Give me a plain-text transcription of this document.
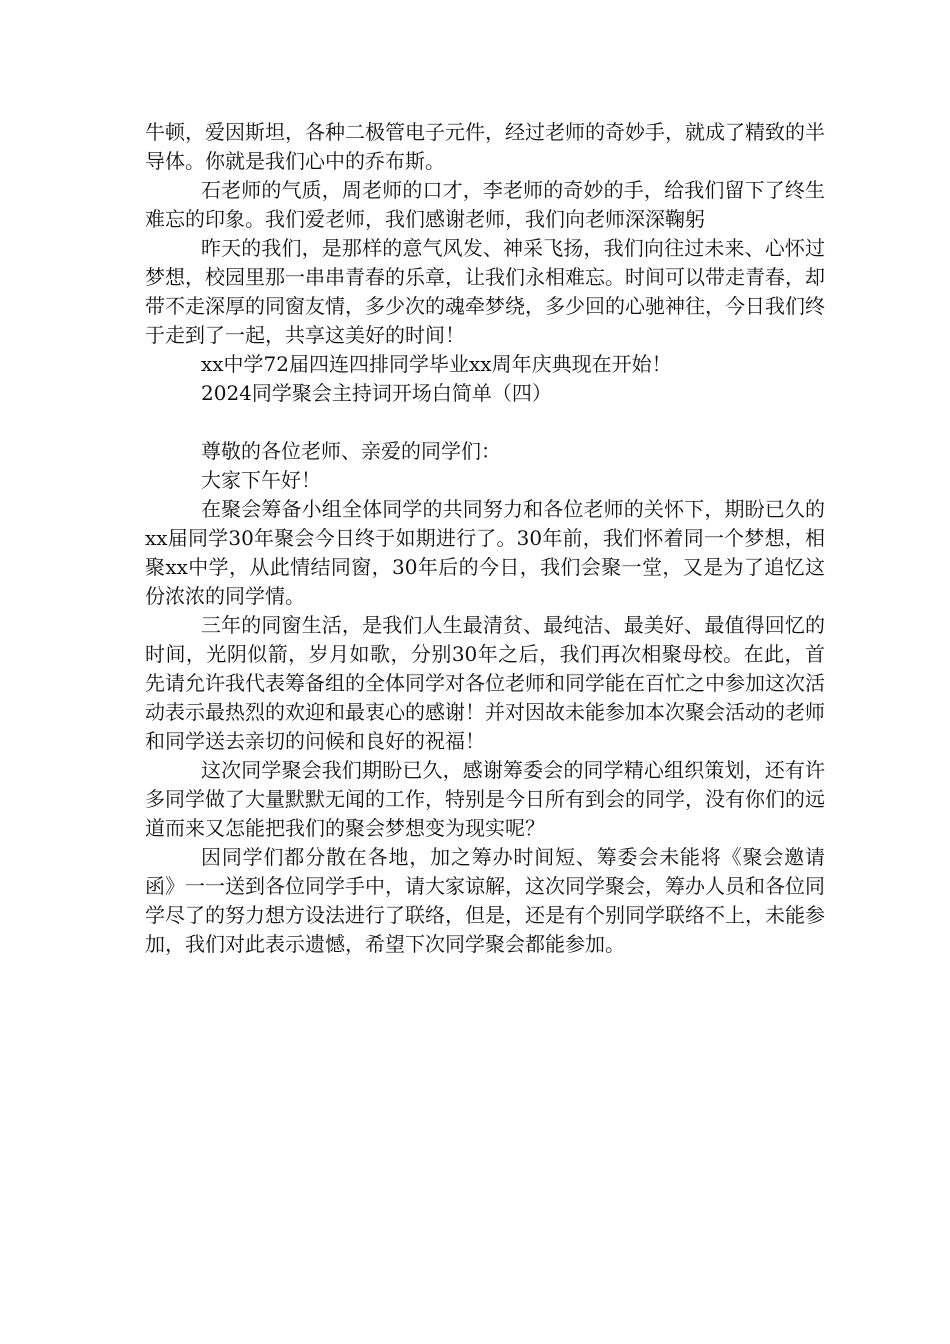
牛顿，爱因斯坦，各种二极管电子元件，经过老师的奇妙手，就成了精致的半导体。你就是我们心中的乔布斯。

石老师的气质，周老师的口才，李老师的奇妙的手，给我们留下了终生难忘的印象。我们爱老师，我们感谢老师，我们向老师深深鞠躬

昨天的我们，是那样的意气风发、神采飞扬，我们向往过未来、心怀过梦想，校园里那一串串青春的乐章，让我们永相难忘。时间可以带走青春，却带不走深厚的同窗友情，多少次的魂牵梦绕，多少回的心驰神往，今日我们终于走到了一起，共享这美好的时间！

xx中学72届四连四排同学毕业xx周年庆典现在开始！

2024同学聚会主持词开场白简单（四）

尊敬的各位老师、亲爱的同学们：

大家下午好！

在聚会筹备小组全体同学的共同努力和各位老师的关怀下，期盼已久的xx届同学30年聚会今日终于如期进行了。30年前，我们怀着同一个梦想，相聚xx中学，从此情结同窗，30年后的今日，我们会聚一堂，又是为了追忆这份浓浓的同学情。

三年的同窗生活，是我们人生最清贫、最纯洁、最美好、最值得回忆的时间，光阴似箭，岁月如歌，分别30年之后，我们再次相聚母校。在此，首先请允许我代表筹备组的全体同学对各位老师和同学能在百忙之中参加这次活动表示最热烈的欢迎和最衷心的感谢！并对因故未能参加本次聚会活动的老师和同学送去亲切的问候和良好的祝福！

这次同学聚会我们期盼已久，感谢筹委会的同学精心组织策划，还有许多同学做了大量默默无闻的工作，特别是今日所有到会的同学，没有你们的远道而来又怎能把我们的聚会梦想变为现实呢？

因同学们都分散在各地，加之筹办时间短、筹委会未能将《聚会邀请函》一一送到各位同学手中，请大家谅解，这次同学聚会，筹办人员和各位同学尽了的努力想方设法进行了联络，但是，还是有个别同学联络不上，未能参加，我们对此表示遗憾，希望下次同学聚会都能参加。
